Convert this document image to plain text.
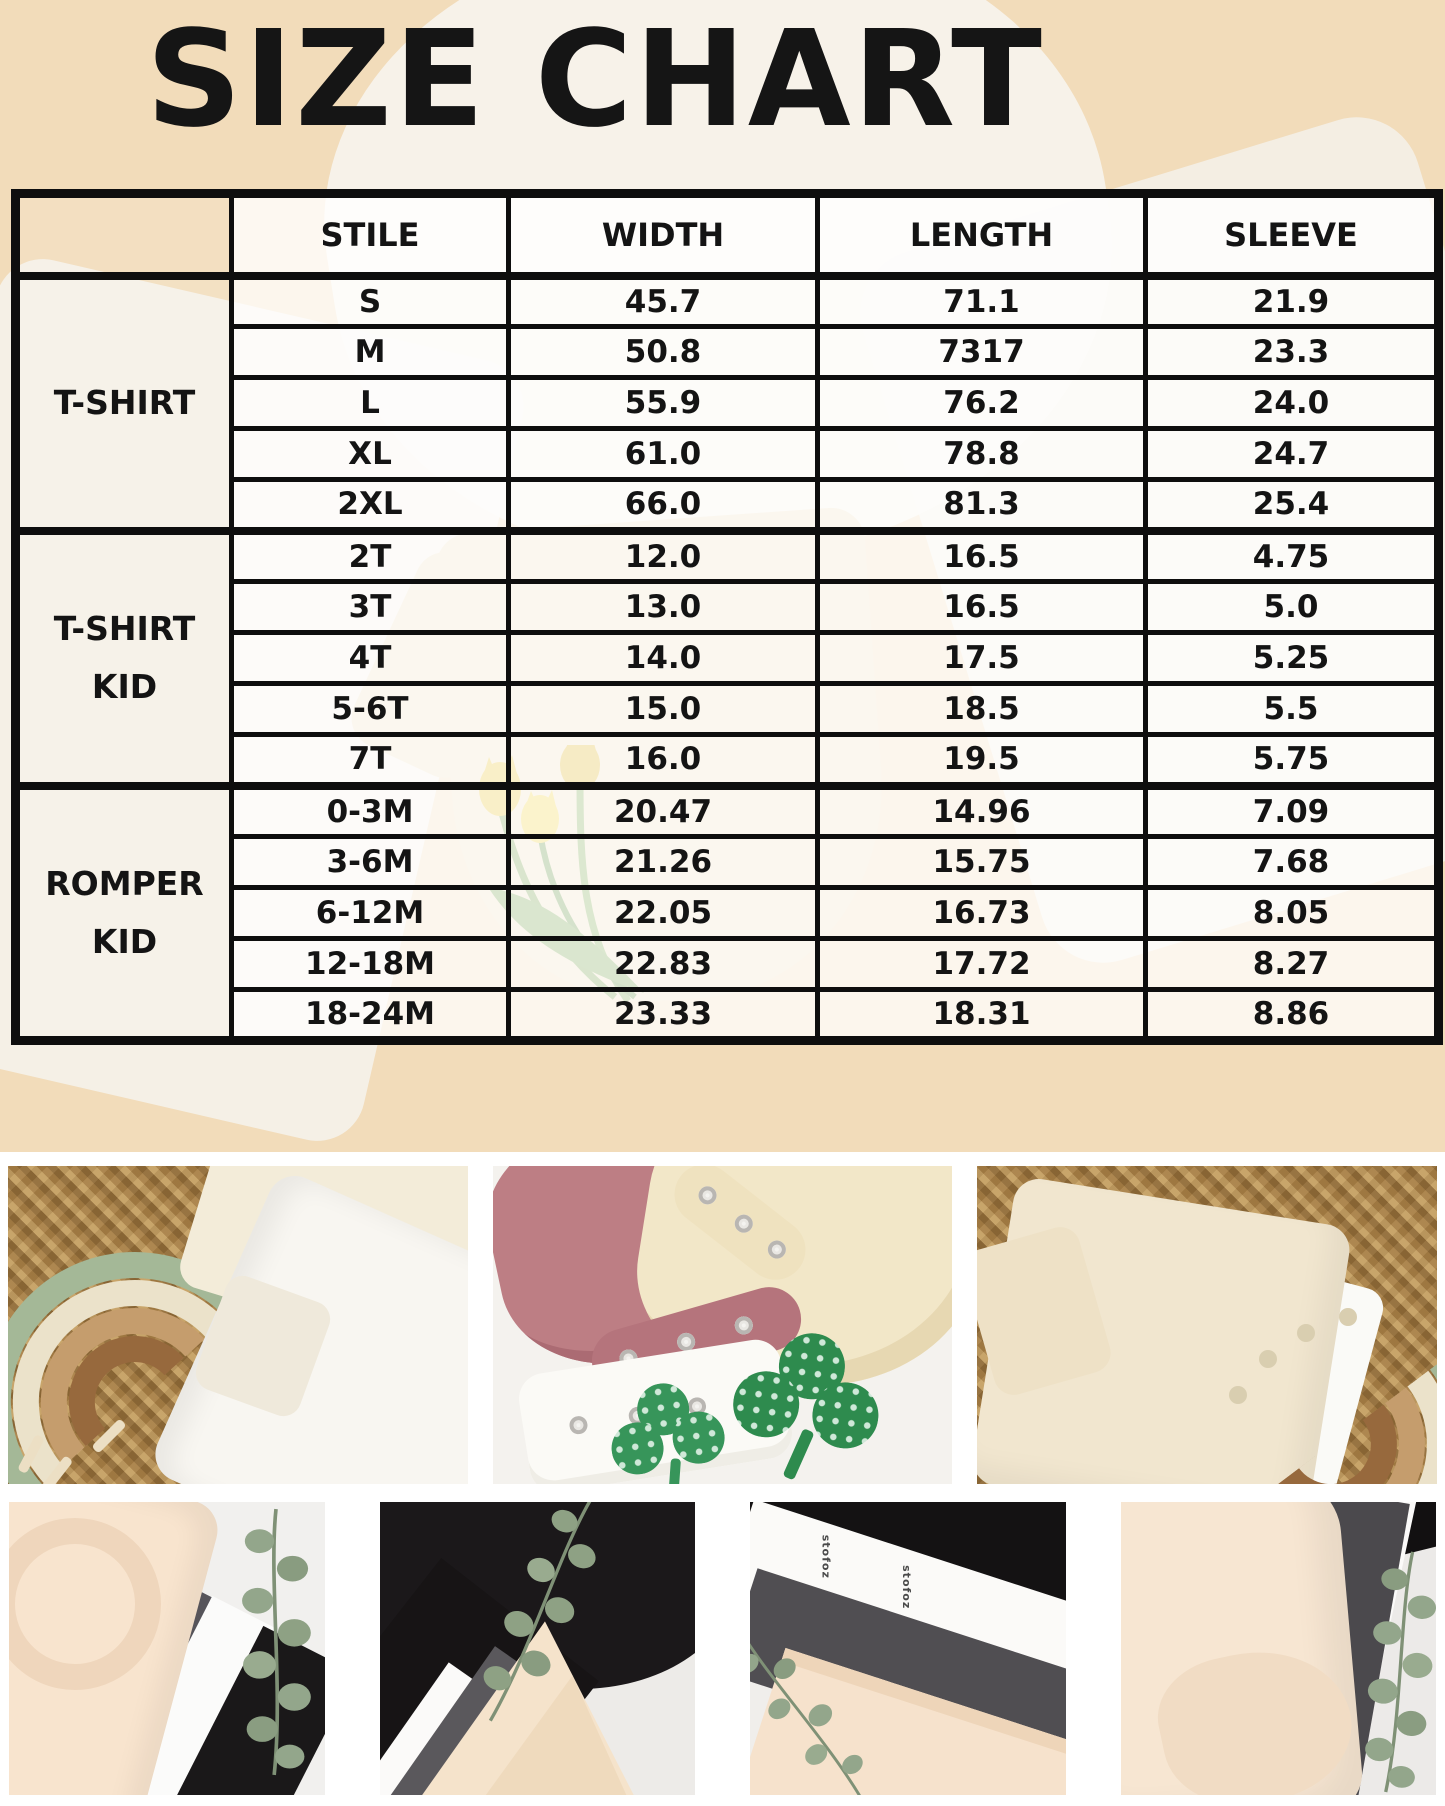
SIZE CHART
	STILE	WIDTH	LENGTH	SLEEVE
T-SHIRT	S	45.7	71.1	21.9
	M	50.8	7317	23.3
	L	55.9	76.2	24.0
	XL	61.0	78.8	24.7
	2XL	66.0	81.3	25.4
T-SHIRT KID	2T	12.0	16.5	4.75
	3T	13.0	16.5	5.0
	4T	14.0	17.5	5.25
	5-6T	15.0	18.5	5.5
	7T	16.0	19.5	5.75
ROMPER KID	0-3M	20.47	14.96	7.09
	3-6M	21.26	15.75	7.68
	6-12M	22.05	16.73	8.05
	12-18M	22.83	17.72	8.27
	18-24M	23.33	18.31	8.86
stofoz
stofoz
